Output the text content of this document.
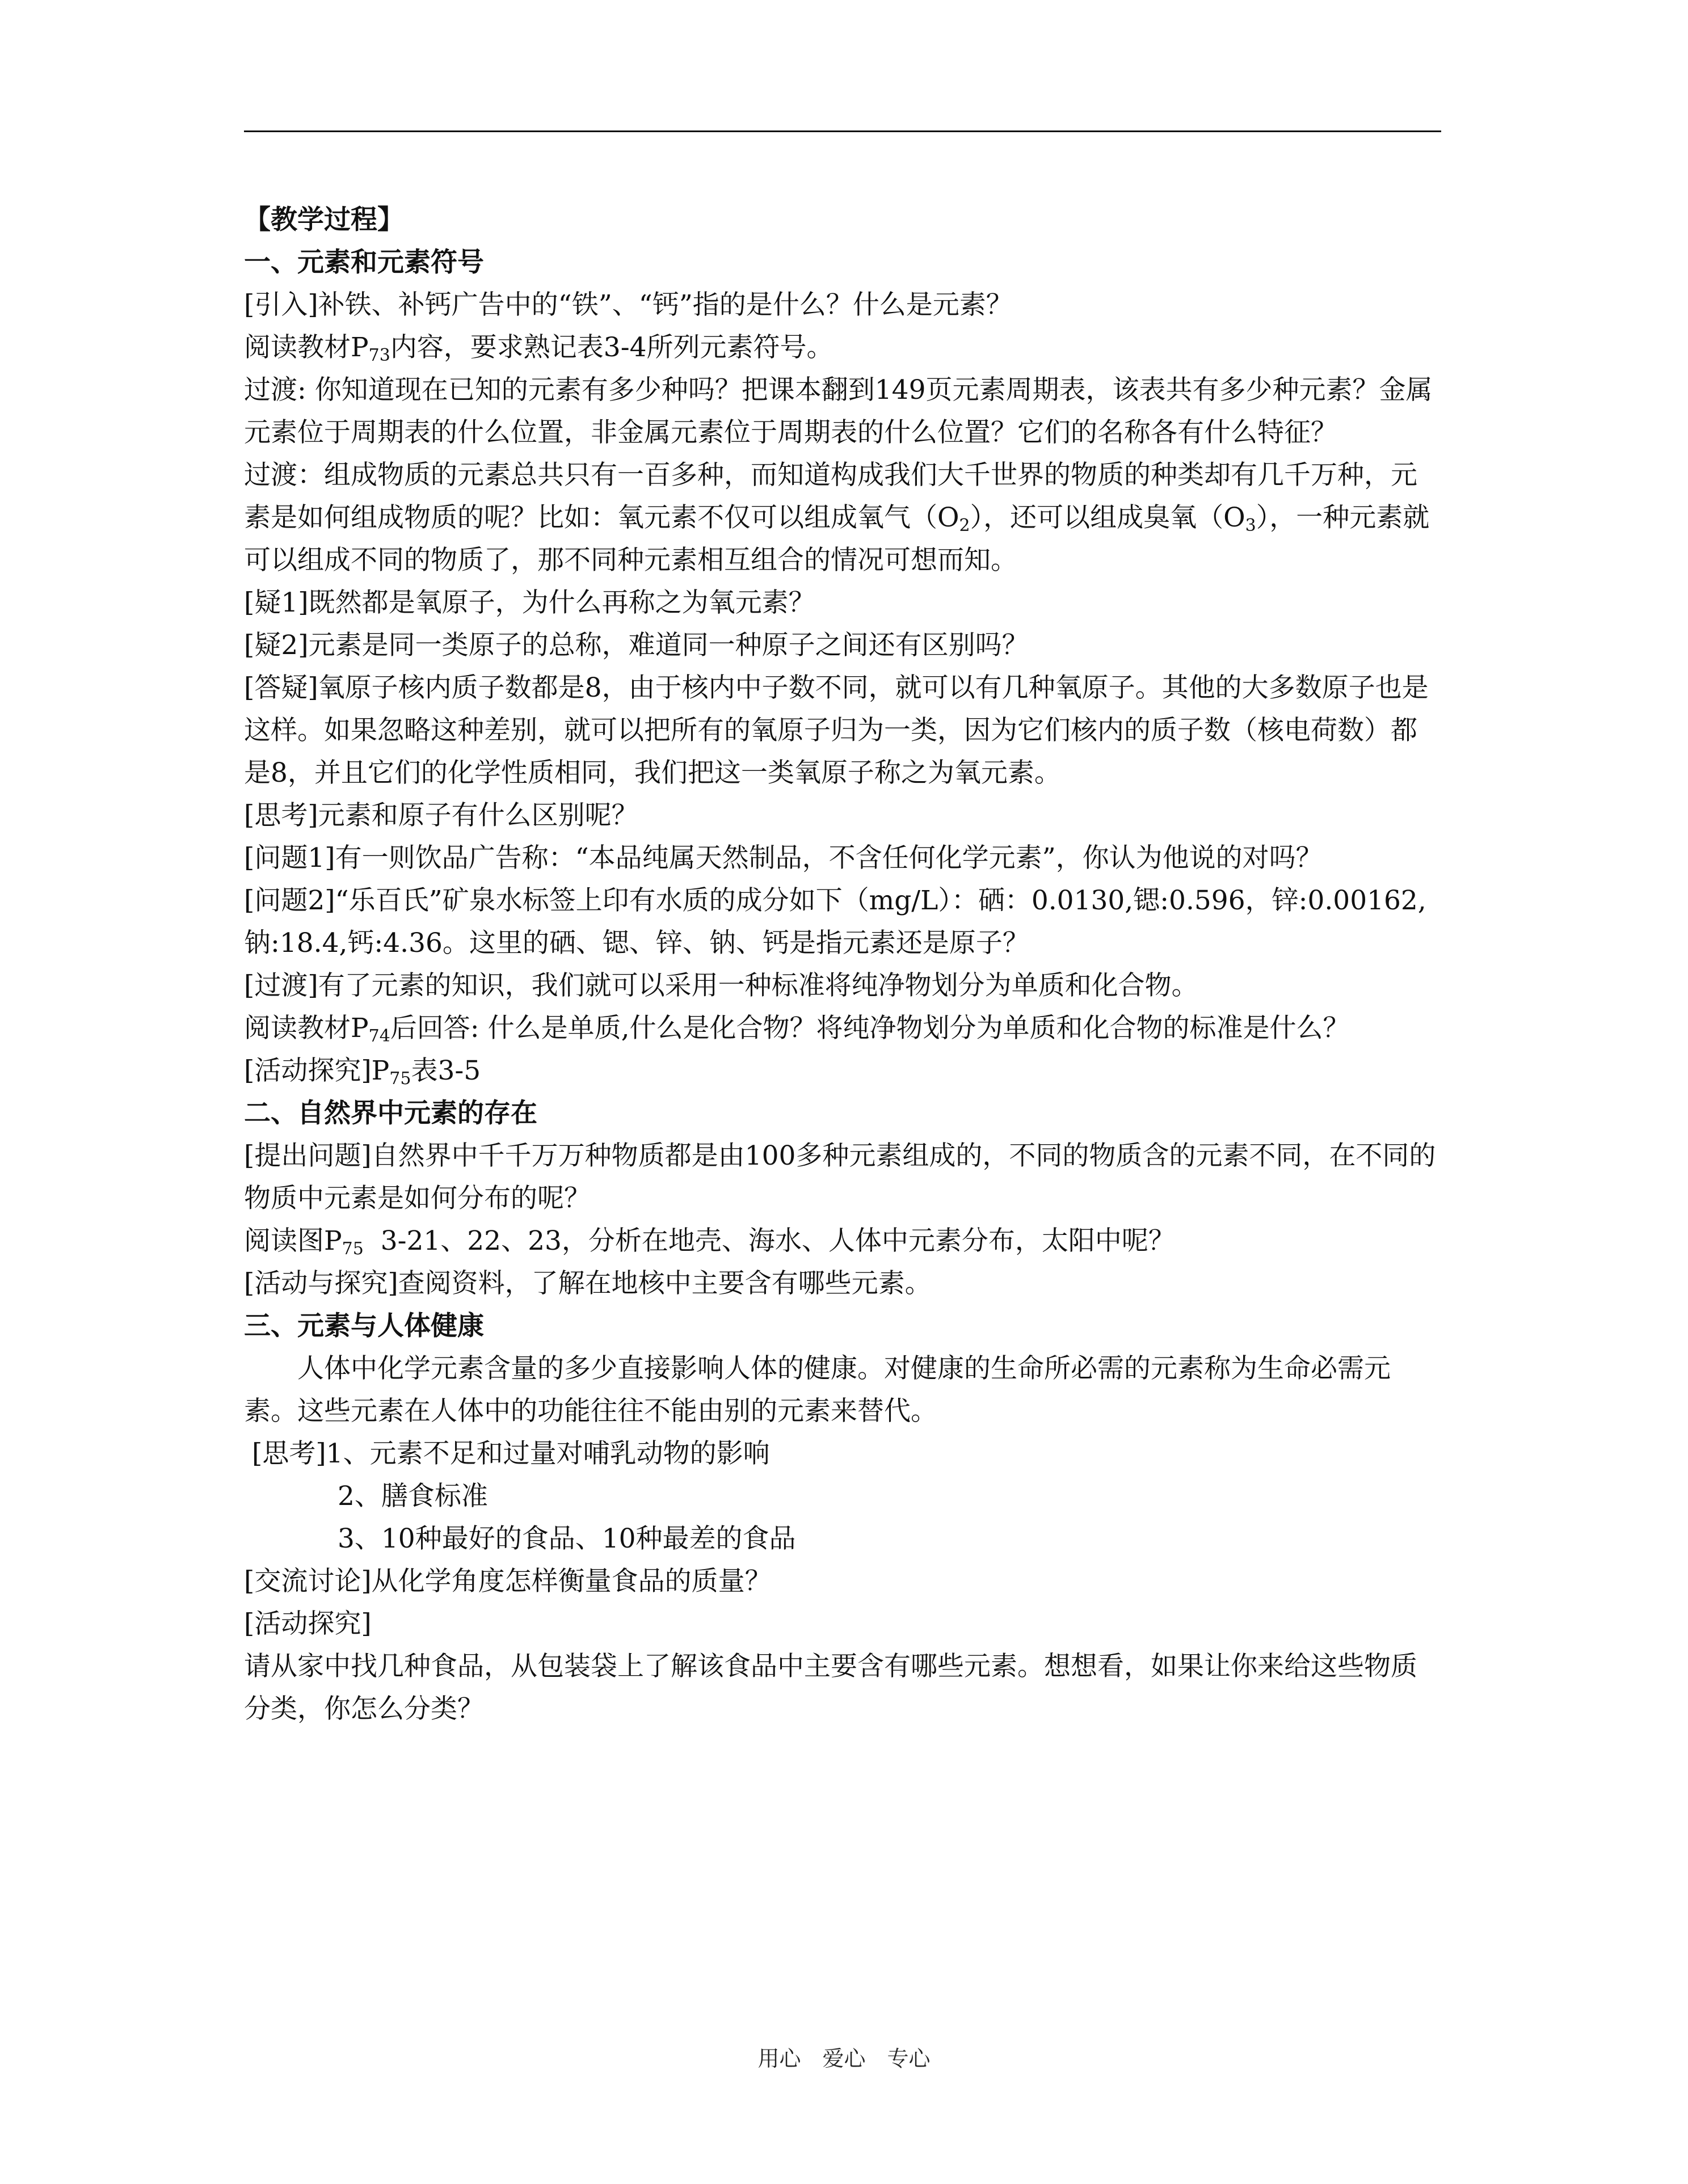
【教学过程】

一、元素和元素符号

[引入]补铁、补钙广告中的“铁”、“钙”指的是什么？什么是元素？

阅读教材$P_{73}$内容，要求熟记表3-4所列元素符号。

过渡: 你知道现在已知的元素有多少种吗？把课本翻到149页元素周期表，该表共有多少种元素？金属元素位于周期表的什么位置，非金属元素位于周期表的什么位置？它们的名称各有什么特征？

过渡：组成物质的元素总共只有一百多种，而知道构成我们大千世界的物质的种类却有几千万种，元素是如何组成物质的呢？比如：氧元素不仅可以组成氧气$(O_2)$，还可以组成臭氧$(O_3)$，一种元素就可以组成不同的物质了，那不同种元素相互组合的情况可想而知。

[疑1]既然都是氧原子，为什么再称之为氧元素？

[疑2]元素是同一类原子的总称，难道同一种原子之间还有区别吗？

[答疑]氧原子核内质子数都是8，由于核内中子数不同，就可以有几种氧原子。其他的大多数原子也是这样。如果忽略这种差别，就可以把所有的氧原子归为一类，因为它们核内的质子数（核电荷数）都是8，并且它们的化学性质相同，我们把这一类氧原子称之为氧元素。

[思考]元素和原子有什么区别呢？

[问题1]有一则饮品广告称：“本品纯属天然制品，不含任何化学元素”，你认为他说的对吗？

[问题2]“乐百氏”矿泉水标签上印有水质的成分如下（mg/L）：硒：0.0130,锶:0.596，锌:0.00162,钠:18.4,钙:4.36。这里的硒、锶、锌、钠、钙是指元素还是原子？

[过渡]有了元素的知识，我们就可以采用一种标准将纯净物划分为单质和化合物。

阅读教材$P_{74}$后回答: 什么是单质,什么是化合物？将纯净物划分为单质和化合物的标准是什么？

[活动探究]$P_{75}$表3-5

二、自然界中元素的存在

[提出问题]自然界中千千万万种物质都是由100多种元素组成的，不同的物质含的元素不同，在不同的物质中元素是如何分布的呢？

阅读图$P_{75}$  3-21、22、23，分析在地壳、海水、人体中元素分布，太阳中呢？

[活动与探究]查阅资料，了解在地核中主要含有哪些元素。

三、元素与人体健康

人体中化学元素含量的多少直接影响人体的健康。对健康的生命所必需的元素称为生命必需元素。这些元素在人体中的功能往往不能由别的元素来替代。

[思考]1、元素不足和过量对哺乳动物的影响

2、膳食标准

3、10种最好的食品、10种最差的食品

[交流讨论]从化学角度怎样衡量食品的质量？

[活动探究]

请从家中找几种食品，从包装袋上了解该食品中主要含有哪些元素。想想看，如果让你来给这些物质分类，你怎么分类？

用心　爱心　专心
